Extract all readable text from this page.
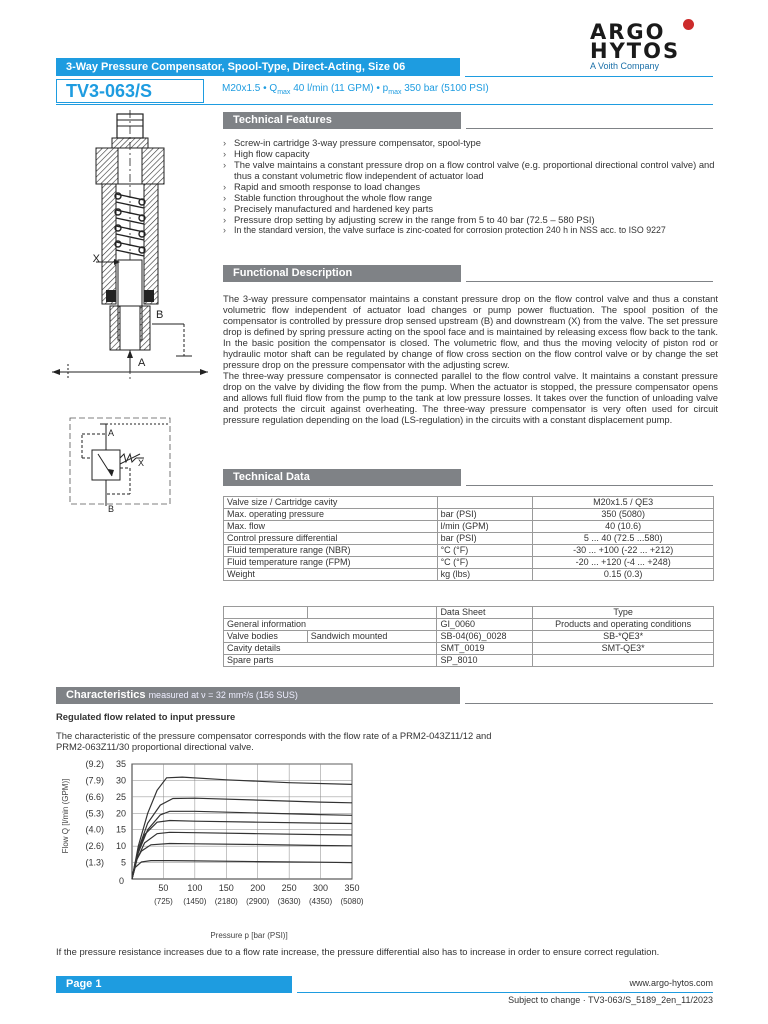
ARGO
HYTOS
A Voith Company
3-Way Pressure Compensator, Spool-Type, Direct-Acting, Size 06
TV3-063/S	M20x1.5 • $Q_{max}$ 40 l/min (11 GPM) • $p_{max}$ 350 bar (5100 PSI)
X
B
A
A
B
X
Technical Features
› Screw-in cartridge 3-way pressure compensator, spool-type
› High flow capacity
› The valve maintains a constant pressure drop on a flow control valve (e.g. proportional directional control valve) and thus a constant volumetric flow independent of actuator load
› Rapid and smooth response to load changes
› Stable function throughout the whole flow range
› Precisely manufactured and hardened key parts
› Pressure drop setting by adjusting screw in the range from 5 to 40 bar (72.5 – 580 PSI)
› In the standard version, the valve surface is zinc-coated for corrosion protection 240 h in NSS acc. to ISO 9227
Functional Description

The 3-way pressure compensator maintains a constant pressure drop on the flow control valve and thus a constant volumetric flow independent of actuator load changes or pump power fluctuation. The spool position of the compensator is controlled by pressure drop sensed upstream (B) and downstream (X) from the valve. The set pressure drop is defined by spring pressure acting on the spool face and is maintained by releasing excess flow back to the tank. In the basic position the compensator is closed. The volumetric flow, and thus the moving velocity of piston rod or hydraulic motor shaft can be regulated by change of flow cross section on the flow control valve or by change the set pressure drop on the pressure compensator with the adjusting screw.

The three-way pressure compensator is connected parallel to the flow control valve. It maintains a constant pressure drop on the valve by dividing the flow from the pump. When the actuator is stopped, the pressure compensator opens and allows full fluid flow from the pump to the tank at low pressure losses. It takes over the function of unloading valve and protects the circuit against overheating. The three-way pressure compensator is very often used for circuit pressure regulation depending on the load (LS-regulation) in the circuits with a constant displacement pump.

Technical Data
Valve size / Cartridge cavity		M20x1.5 / QE3
Max. operating pressure	bar (PSI)	350 (5080)
Max. flow	l/min (GPM)	40 (10.6)
Control pressure differential	bar (PSI)	5 ... 40 (72.5 ...580)
Fluid temperature range (NBR)	°C (°F)	-30 ... +100 (-22 ... +212)
Fluid temperature range (FPM)	°C (°F)	-20 ... +120 (-4 ... +248)
Weight	kg (lbs)	0.15 (0.3)
		Data Sheet	Type
General information		GI_0060	Products and operating conditions
Valve bodies	Sandwich mounted	SB-04(06)_0028	SB-*QE3*
Cavity details		SMT_0019	SMT-QE3*
Spare parts		SP_8010	
Characteristics measured at ν = 32 mm²/s (156 SUS)
Regulated flow related to input pressure
The characteristic of the pressure compensator corresponds with the flow rate of a PRM2-043Z11/12 and PRM2-063Z11/30 proportional directional valve.
5
(1.3)
10
(2.6)
15
(4.0)
20
(5.3)
25
(6.6)
30
(7.9)
35
(9.2)
0
50
(725)
100
(1450)
150
(2180)
200
(2900)
250
(3630)
300
(4350)
350
(5080)
Flow Q [l/min (GPM)]
Pressure p [bar (PSI)]
If the pressure resistance increases due to a flow rate increase, the pressure differential also has to increase in order to ensure correct regulation.
Page 1	www.argo-hytos.com
Subject to change · TV3-063/S_5189_2en_11/2023
